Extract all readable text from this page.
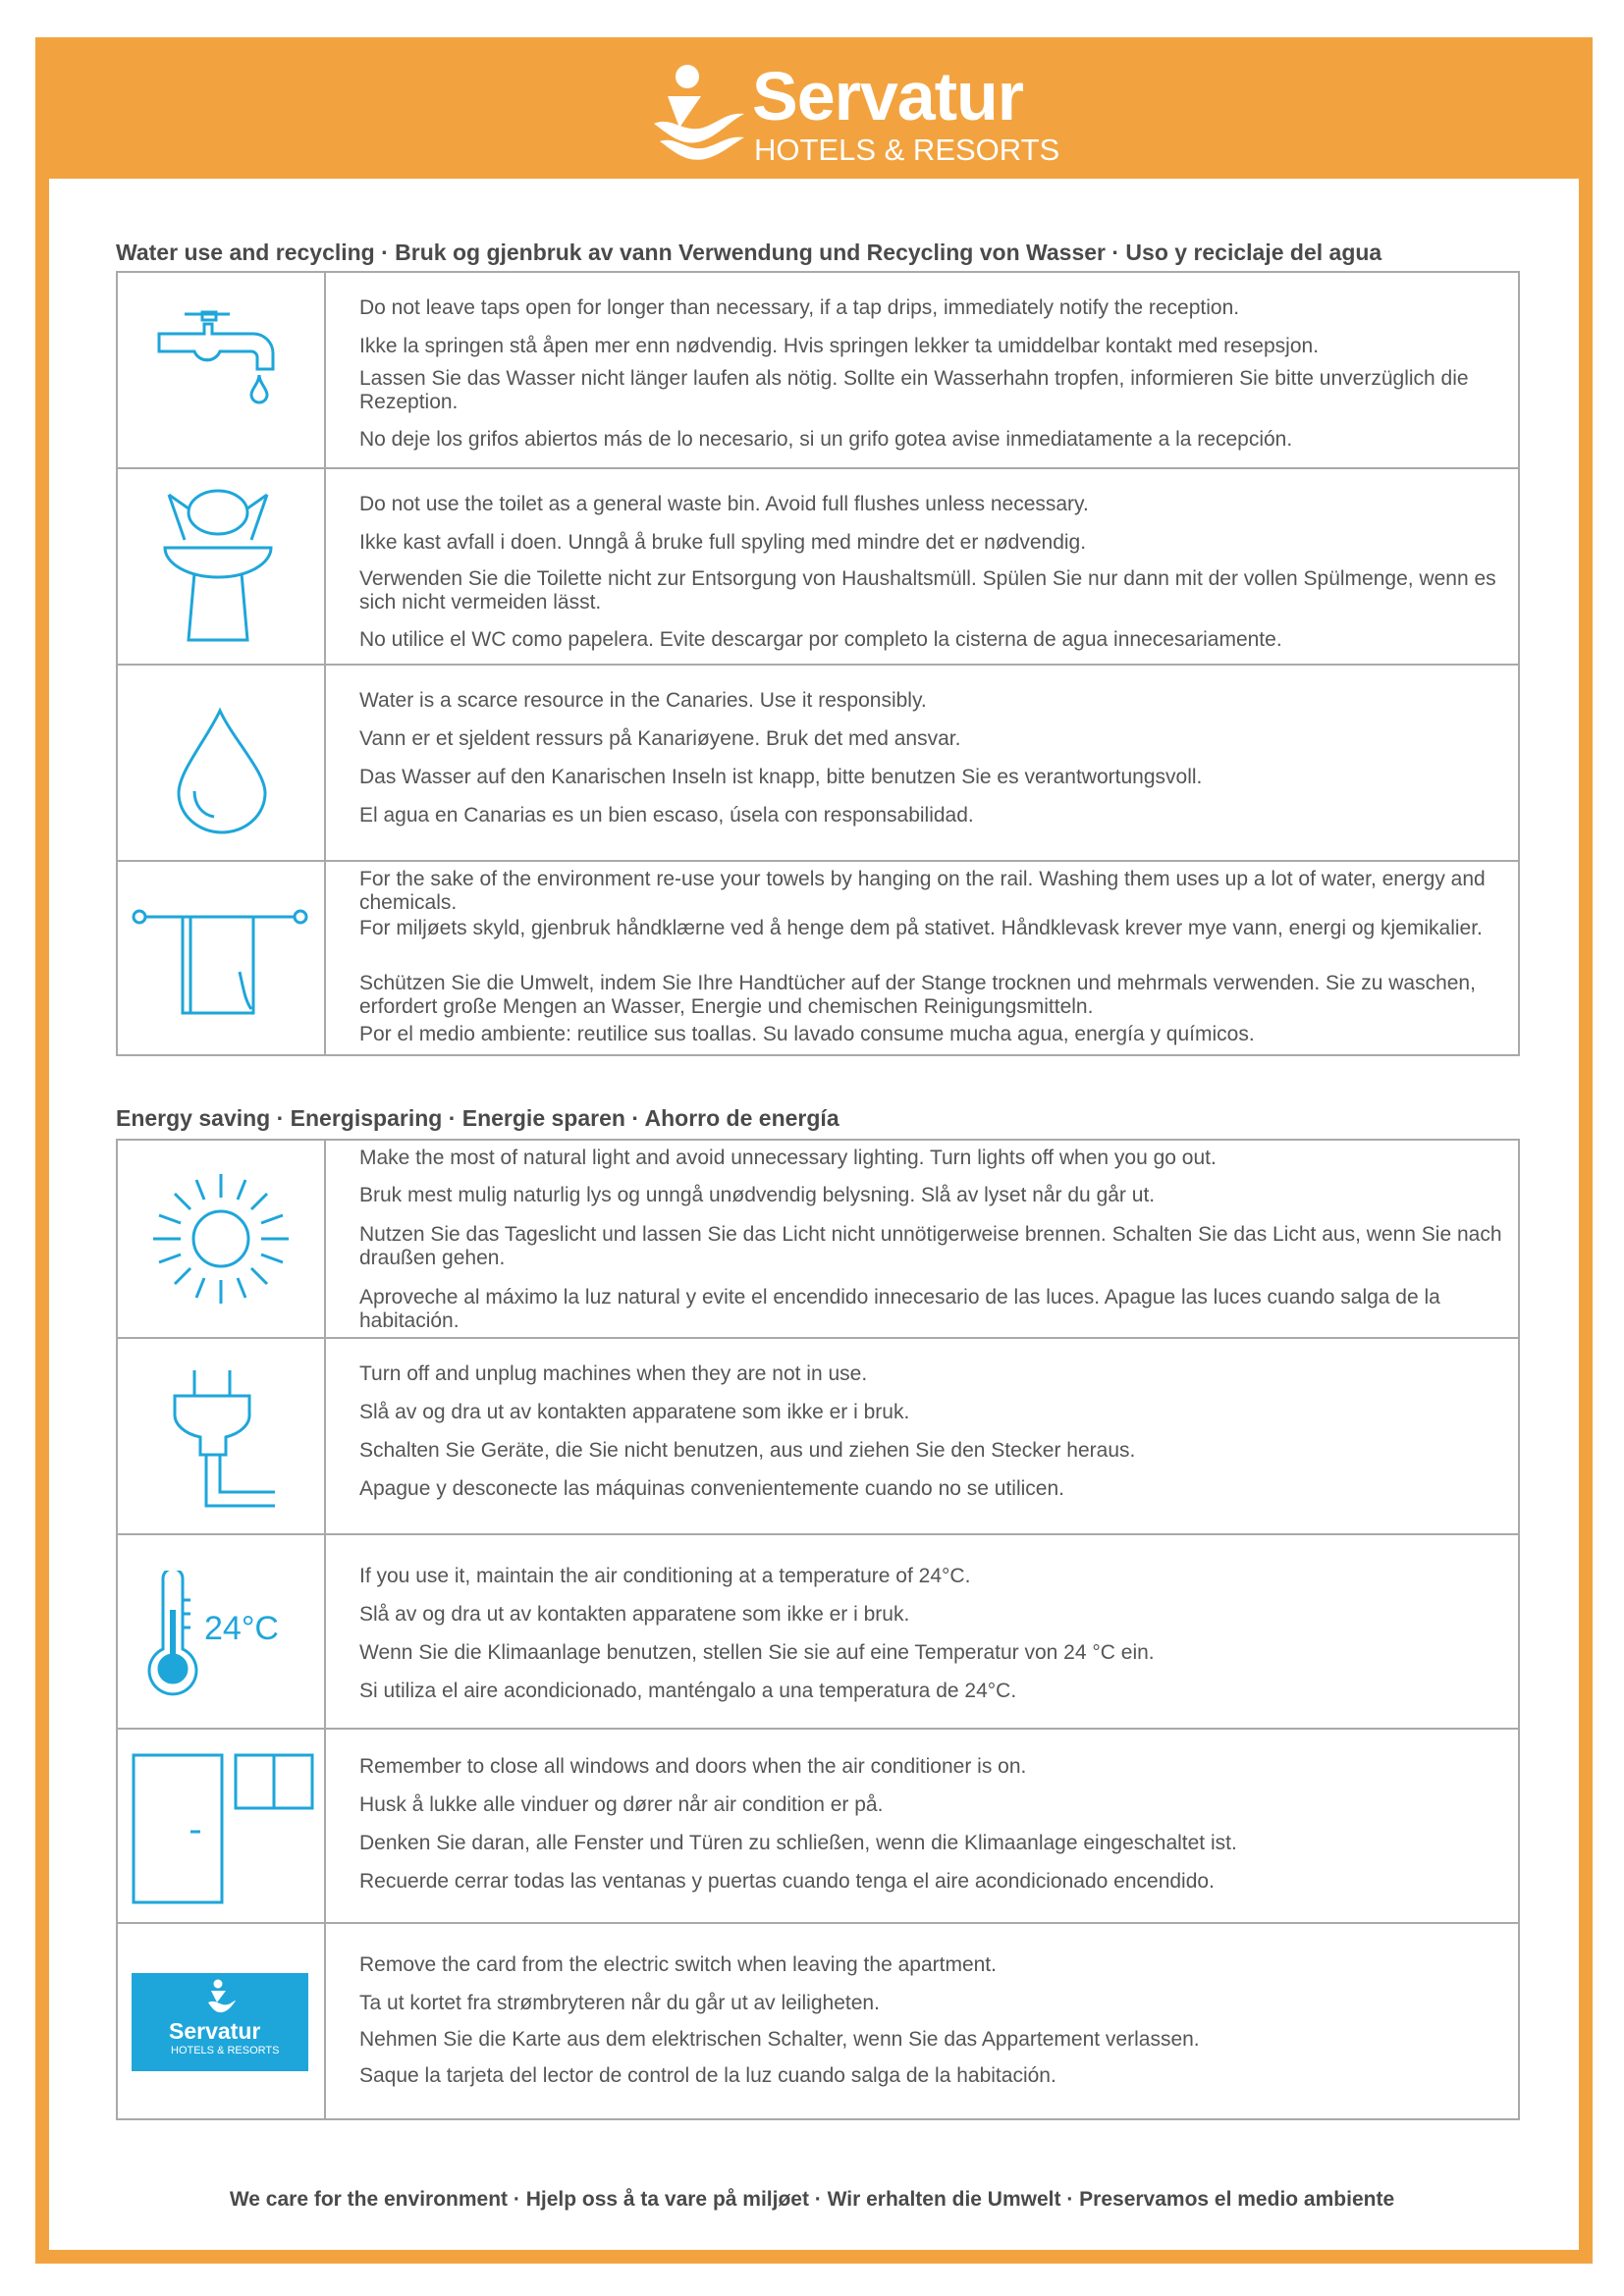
Servatur
HOTELS & RESORTS
Water use and recycling · Bruk og gjenbruk av vann Verwendung und Recycling von Wasser · Uso y reciclaje del agua

Do not leave taps open for longer than necessary, if a tap drips, immediately notify the reception.

Ikke la springen stå åpen mer enn nødvendig. Hvis springen lekker ta umiddelbar kontakt med resepsjon.

Lassen Sie das Wasser nicht länger laufen als nötig. Sollte ein Wasserhahn tropfen, informieren Sie bitte unverzüglich die Rezeption.

No deje los grifos abiertos más de lo necesario, si un grifo gotea avise inmediatamente a la recepción.

Do not use the toilet as a general waste bin. Avoid full flushes unless necessary.

Ikke kast avfall i doen. Unngå å bruke full spyling med mindre det er nødvendig.

Verwenden Sie die Toilette nicht zur Entsorgung von Haushaltsmüll. Spülen Sie nur dann mit der vollen Spülmenge, wenn es sich nicht vermeiden lässt.

No utilice el WC como papelera. Evite descargar por completo la cisterna de agua innecesariamente.

Water is a scarce resource in the Canaries. Use it responsibly.

Vann er et sjeldent ressurs på Kanariøyene. Bruk det med ansvar.

Das Wasser auf den Kanarischen Inseln ist knapp, bitte benutzen Sie es verantwortungsvoll.

El agua en Canarias es un bien escaso, úsela con responsabilidad.

For the sake of the environment re-use your towels by hanging on the rail. Washing them uses up a lot of water, energy and chemicals.

For miljøets skyld, gjenbruk håndklærne ved å henge dem på stativet. Håndklevask krever mye vann, energi og kjemikalier.

Schützen Sie die Umwelt, indem Sie Ihre Handtücher auf der Stange trocknen und mehrmals verwenden. Sie zu waschen, erfordert große Mengen an Wasser, Energie und chemischen Reinigungsmitteln.

Por el medio ambiente: reutilice sus toallas. Su lavado consume mucha agua, energía y químicos.

Energy saving · Energisparing · Energie sparen · Ahorro de energía

Make the most of natural light and avoid unnecessary lighting. Turn lights off when you go out.

Bruk mest mulig naturlig lys og unngå unødvendig belysning. Slå av lyset når du går ut.

Nutzen Sie das Tageslicht und lassen Sie das Licht nicht unnötigerweise brennen. Schalten Sie das Licht aus, wenn Sie nach draußen gehen.

Aproveche al máximo la luz natural y evite el encendido innecesario de las luces. Apague las luces cuando salga de la habitación.

Turn off and unplug machines when they are not in use.

Slå av og dra ut av kontakten apparatene som ikke er i bruk.

Schalten Sie Geräte, die Sie nicht benutzen, aus und ziehen Sie den Stecker heraus.

Apague y desconecte las máquinas convenientemente cuando no se utilicen.

24°C

If you use it, maintain the air conditioning at a temperature of 24°C.

Slå av og dra ut av kontakten apparatene som ikke er i bruk.

Wenn Sie die Klimaanlage benutzen, stellen Sie sie auf eine Temperatur von 24 °C ein.

Si utiliza el aire acondicionado, manténgalo a una temperatura de 24°C.

Remember to close all windows and doors when the air conditioner is on.

Husk å lukke alle vinduer og dører når air condition er på.

Denken Sie daran, alle Fenster und Türen zu schließen, wenn die Klimaanlage eingeschaltet ist.

Recuerde cerrar todas las ventanas y puertas cuando tenga el aire acondicionado encendido.

Servatur
HOTELS & RESORTS

Remove the card from the electric switch when leaving the apartment.

Ta ut kortet fra strømbryteren når du går ut av leiligheten.

Nehmen Sie die Karte aus dem elektrischen Schalter, wenn Sie das Appartement verlassen.

Saque la tarjeta del lector de control de la luz cuando salga de la habitación.

We care for the environment · Hjelp oss å ta vare på miljøet · Wir erhalten die Umwelt · Preservamos el medio ambiente
